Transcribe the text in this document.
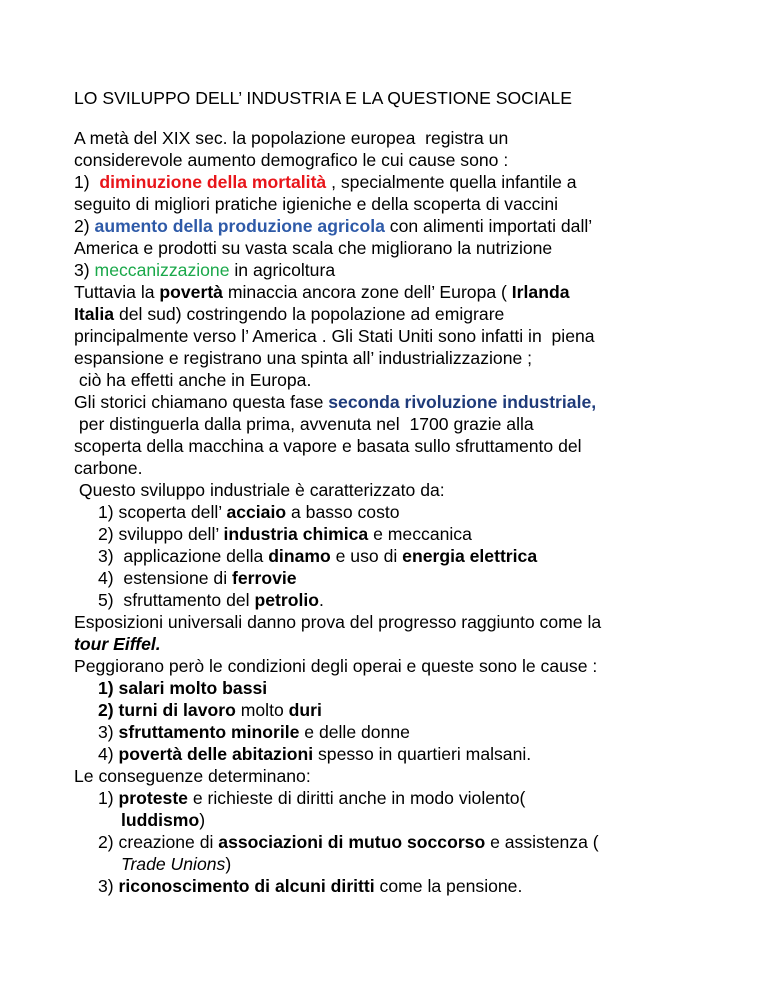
LO SVILUPPO DELL’ INDUSTRIA E LA QUESTIONE SOCIALE
A metà del XIX sec. la popolazione europea  registra un
considerevole aumento demografico le cui cause sono :
1)  diminuzione della mortalità , specialmente quella infantile a
seguito di migliori pratiche igieniche e della scoperta di vaccini
2) aumento della produzione agricola con alimenti importati dall’
America e prodotti su vasta scala che migliorano la nutrizione
3) meccanizzazione in agricoltura
Tuttavia la povertà minaccia ancora zone dell’ Europa ( Irlanda
Italia del sud) costringendo la popolazione ad emigrare
principalmente verso l’ America . Gli Stati Uniti sono infatti in  piena
espansione e registrano una spinta all’ industrializzazione ;
ciò ha effetti anche in Europa.
Gli storici chiamano questa fase seconda rivoluzione industriale,
per distinguerla dalla prima, avvenuta nel  1700 grazie alla
scoperta della macchina a vapore e basata sullo sfruttamento del
carbone.
Questo sviluppo industriale è caratterizzato da:
1) scoperta dell’ acciaio a basso costo
2) sviluppo dell’ industria chimica e meccanica
3)  applicazione della dinamo e uso di energia elettrica
4)  estensione di ferrovie
5)  sfruttamento del petrolio.
Esposizioni universali danno prova del progresso raggiunto come la
tour Eiffel.
Peggiorano però le condizioni degli operai e queste sono le cause :
1) salari molto bassi
2) turni di lavoro molto duri
3) sfruttamento minorile e delle donne
4) povertà delle abitazioni spesso in quartieri malsani.
Le conseguenze determinano:
1) proteste e richieste di diritti anche in modo violento(
luddismo)
2) creazione di associazioni di mutuo soccorso e assistenza (
Trade Unions)
3) riconoscimento di alcuni diritti come la pensione.
